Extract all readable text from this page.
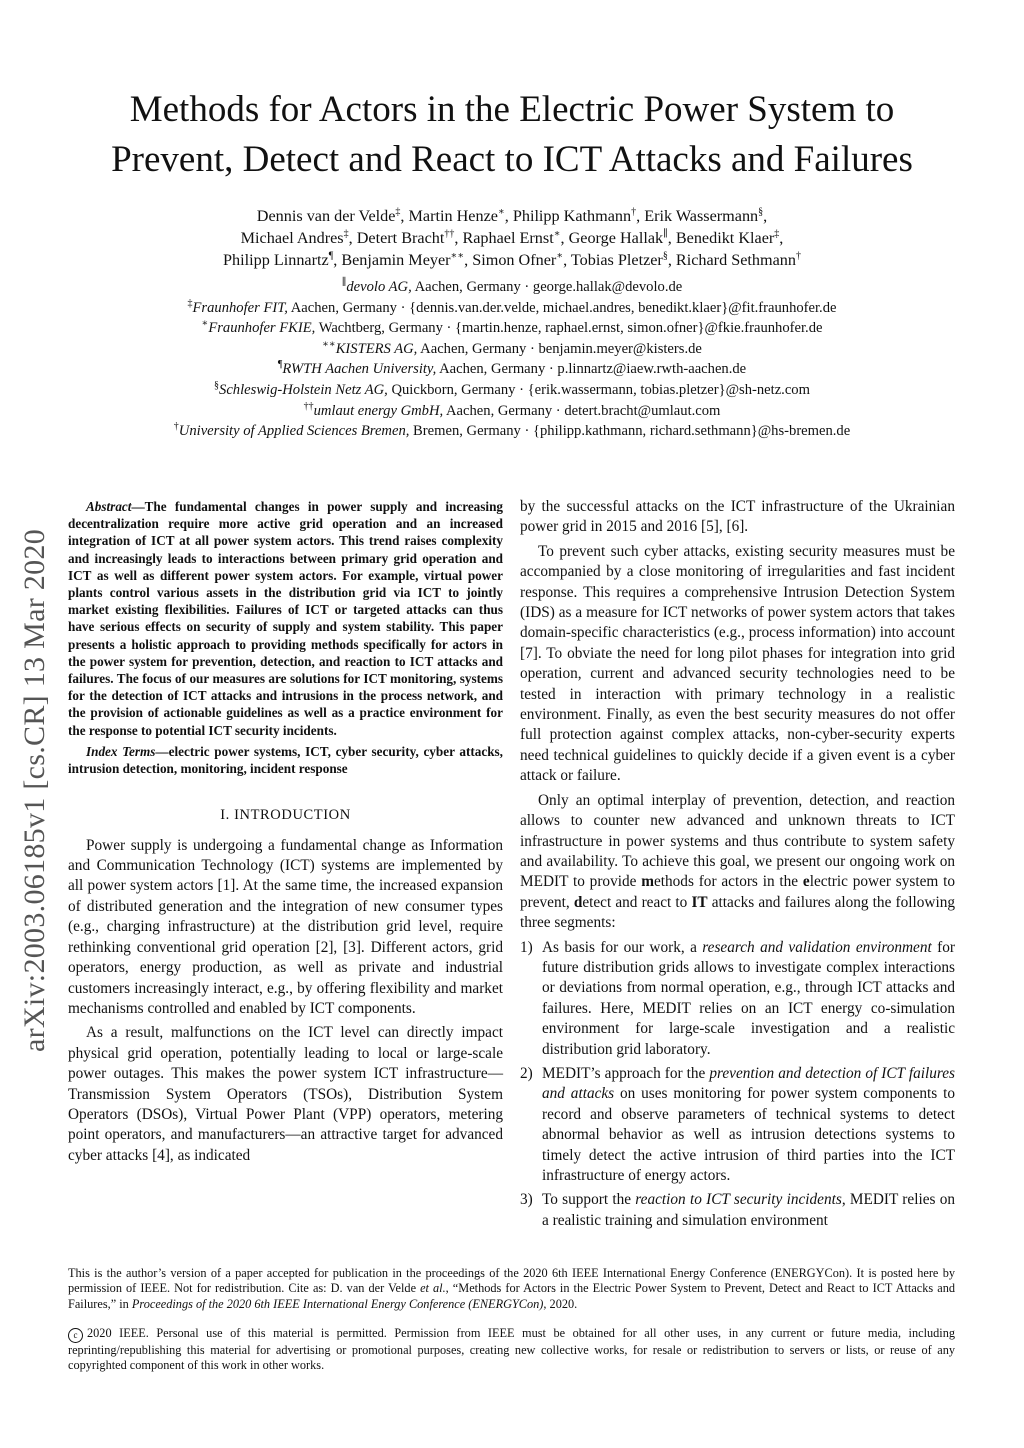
arXiv:2003.06185v1 [cs.CR] 13 Mar 2020
Methods for Actors in the Electric Power System to
Prevent, Detect and React to ICT Attacks and Failures
Dennis van der Velde‡, Martin Henze∗, Philipp Kathmann†, Erik Wassermann§,
Michael Andres‡, Detert Bracht††, Raphael Ernst∗, George Hallak∥, Benedikt Klaer‡,
Philipp Linnartz¶, Benjamin Meyer∗∗, Simon Ofner∗, Tobias Pletzer§, Richard Sethmann†
∥devolo AG, Aachen, Germany · george.hallak@devolo.de
‡Fraunhofer FIT, Aachen, Germany · {dennis.van.der.velde, michael.andres, benedikt.klaer}@fit.fraunhofer.de
∗Fraunhofer FKIE, Wachtberg, Germany · {martin.henze, raphael.ernst, simon.ofner}@fkie.fraunhofer.de
∗∗KISTERS AG, Aachen, Germany · benjamin.meyer@kisters.de
¶RWTH Aachen University, Aachen, Germany · p.linnartz@iaew.rwth-aachen.de
§Schleswig-Holstein Netz AG, Quickborn, Germany · {erik.wassermann, tobias.pletzer}@sh-netz.com
††umlaut energy GmbH, Aachen, Germany · detert.bracht@umlaut.com
†University of Applied Sciences Bremen, Bremen, Germany · {philipp.kathmann, richard.sethmann}@hs-bremen.de

Abstract—The fundamental changes in power supply and increasing decentralization require more active grid operation and an increased integration of ICT at all power system actors. This trend raises complexity and increasingly leads to interactions between primary grid operation and ICT as well as different power system actors. For example, virtual power plants control various assets in the distribution grid via ICT to jointly market existing flexibilities. Failures of ICT or targeted attacks can thus have serious effects on security of supply and system stability. This paper presents a holistic approach to providing methods specifically for actors in the power system for prevention, detection, and reaction to ICT attacks and failures. The focus of our measures are solutions for ICT monitoring, systems for the detection of ICT attacks and intrusions in the process network, and the provision of actionable guidelines as well as a practice environment for the response to potential ICT security incidents.

Index Terms—electric power systems, ICT, cyber security, cyber attacks, intrusion detection, monitoring, incident response

I. INTRODUCTION

Power supply is undergoing a fundamental change as Information and Communication Technology (ICT) systems are implemented by all power system actors [1]. At the same time, the increased expansion of distributed generation and the integration of new consumer types (e.g., charging infrastructure) at the distribution grid level, require rethinking conventional grid operation [2], [3]. Different actors, grid operators, energy production, as well as private and industrial customers increasingly interact, e.g., by offering flexibility and market mechanisms controlled and enabled by ICT components.

As a result, malfunctions on the ICT level can directly impact physical grid operation, potentially leading to local or large-scale power outages. This makes the power system ICT infrastructure—Transmission System Operators (TSOs), Distribution System Operators (DSOs), Virtual Power Plant (VPP) operators, metering point operators, and manufacturers—an attractive target for advanced cyber attacks [4], as indicated

by the successful attacks on the ICT infrastructure of the Ukrainian power grid in 2015 and 2016 [5], [6].

To prevent such cyber attacks, existing security measures must be accompanied by a close monitoring of irregularities and fast incident response. This requires a comprehensive Intrusion Detection System (IDS) as a measure for ICT networks of power system actors that takes domain-specific characteristics (e.g., process information) into account [7]. To obviate the need for long pilot phases for integration into grid operation, current and advanced security technologies need to be tested in interaction with primary technology in a realistic environment. Finally, as even the best security measures do not offer full protection against complex attacks, non-cyber-security experts need technical guidelines to quickly decide if a given event is a cyber attack or failure.

Only an optimal interplay of prevention, detection, and reaction allows to counter new advanced and unknown threats to ICT infrastructure in power systems and thus contribute to system safety and availability. To achieve this goal, we present our ongoing work on MEDIT to provide methods for actors in the electric power system to prevent, detect and react to IT attacks and failures along the following three segments:

1) As basis for our work, a research and validation environment for future distribution grids allows to investigate complex interactions or deviations from normal operation, e.g., through ICT attacks and failures. Here, MEDIT relies on an ICT energy co-simulation environment for large-scale investigation and a realistic distribution grid laboratory.
2) MEDIT’s approach for the prevention and detection of ICT failures and attacks on uses monitoring for power system components to record and observe parameters of technical systems to detect abnormal behavior as well as intrusion detections systems to timely detect the active intrusion of third parties into the ICT infrastructure of energy actors.
3) To support the reaction to ICT security incidents, MEDIT relies on a realistic training and simulation environment
This is the author’s version of a paper accepted for publication in the proceedings of the 2020 6th IEEE International Energy Conference (ENERGYCon). It is posted here by permission of IEEE. Not for redistribution. Cite as: D. van der Velde et al., “Methods for Actors in the Electric Power System to Prevent, Detect and React to ICT Attacks and Failures,” in Proceedings of the 2020 6th IEEE International Energy Conference (ENERGYCon), 2020.
c 2020 IEEE. Personal use of this material is permitted. Permission from IEEE must be obtained for all other uses, in any current or future media, including reprinting/republishing this material for advertising or promotional purposes, creating new collective works, for resale or redistribution to servers or lists, or reuse of any copyrighted component of this work in other works.
